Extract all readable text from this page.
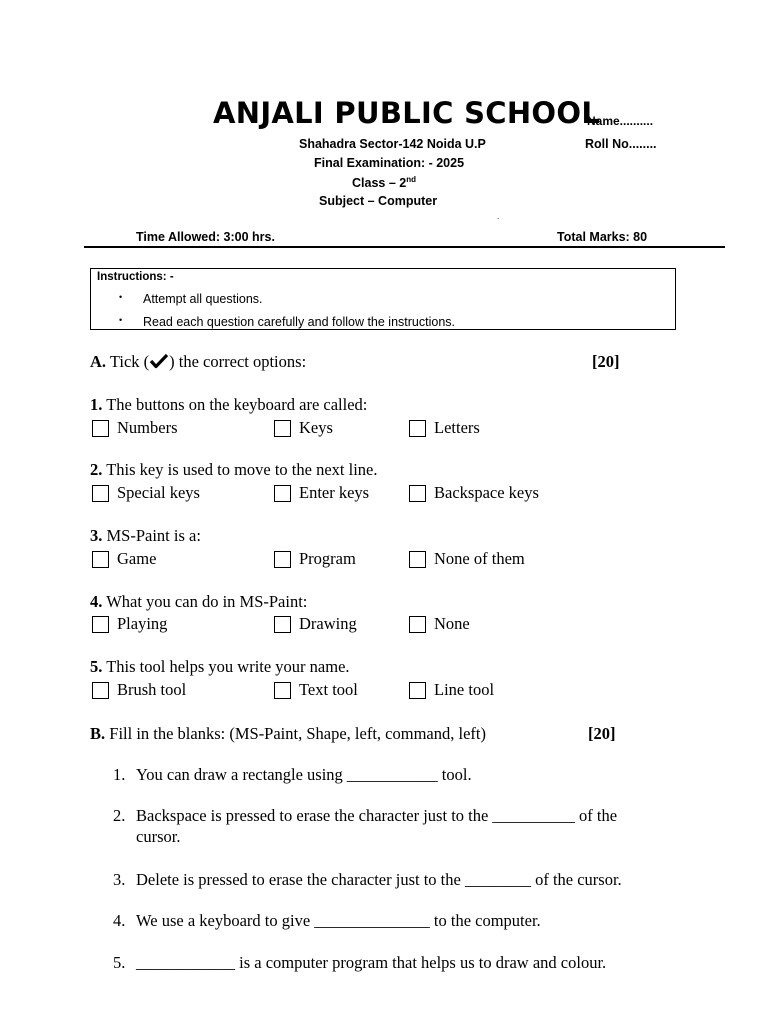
ANJALI PUBLIC SCHOOL
Name..........
Shahadra Sector-142 Noida U.P	Roll No........
Final Examination: - 2025
Class – 2nd
Subject – Computer
.
Time Allowed: 3:00 hrs.	Total Marks: 80
Instructions: -
• Attempt all questions.
• Read each question carefully and follow the instructions.
A. Tick ( ) the correct options:	[20]
1. The buttons on the keyboard are called:
Numbers	Keys	Letters
2. This key is used to move to the next line.
Special keys	Enter keys	Backspace keys
3. MS-Paint is a:
Game	Program	None of them
4. What you can do in MS-Paint:
Playing	Drawing	None
5. This tool helps you write your name.
Brush tool	Text tool	Line tool
B. Fill in the blanks: (MS-Paint, Shape, left, command, left)	[20]
1. You can draw a rectangle using ___________ tool.
2. Backspace is pressed to erase the character just to the __________ of the
cursor.
3. Delete is pressed to erase the character just to the ________ of the cursor.
4. We use a keyboard to give ______________ to the computer.
5. ____________ is a computer program that helps us to draw and colour.
